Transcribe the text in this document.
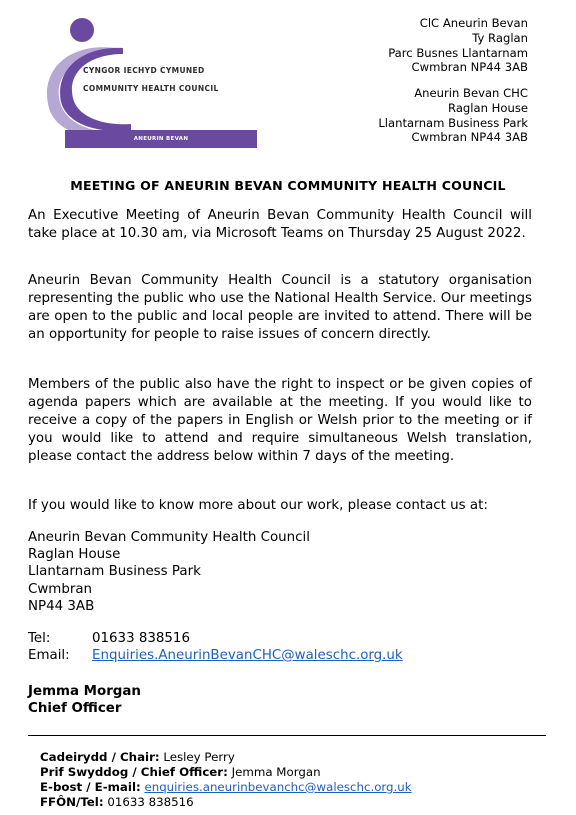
CYNGOR IECHYD CYMUNED
COMMUNITY HEALTH COUNCIL
ANEURIN BEVAN
ClC Aneurin Bevan
Ty Raglan
Parc Busnes Llantarnam
Cwmbran NP44 3AB
Aneurin Bevan CHC
Raglan House
Llantarnam Business Park
Cwmbran NP44 3AB
MEETING OF ANEURIN BEVAN COMMUNITY HEALTH COUNCIL

An Executive Meeting of Aneurin Bevan Community Health Council will take place at 10.30 am, via Microsoft Teams on Thursday 25 August 2022.

Aneurin Bevan Community Health Council is a statutory organisation representing the public who use the National Health Service. Our meetings are open to the public and local people are invited to attend. There will be an opportunity for people to raise issues of concern directly.

Members of the public also have the right to inspect or be given copies of agenda papers which are available at the meeting. If you would like to receive a copy of the papers in English or Welsh prior to the meeting or if you would like to attend and require simultaneous Welsh translation, please contact the address below within 7 days of the meeting.

If you would like to know more about our work, please contact us at:

Aneurin Bevan Community Health Council
Raglan House
Llantarnam Business Park
Cwmbran
NP44 3AB
Tel:	01633 838516
Email: Enquiries.AneurinBevanCHC@waleschc.org.uk
Jemma Morgan
Chief Officer
Cadeirydd / Chair: Lesley Perry
Prif Swyddog / Chief Officer: Jemma Morgan
E-bost / E-mail: enquiries.aneurinbevanchc@waleschc.org.uk
FFÔN/Tel: 01633 838516
